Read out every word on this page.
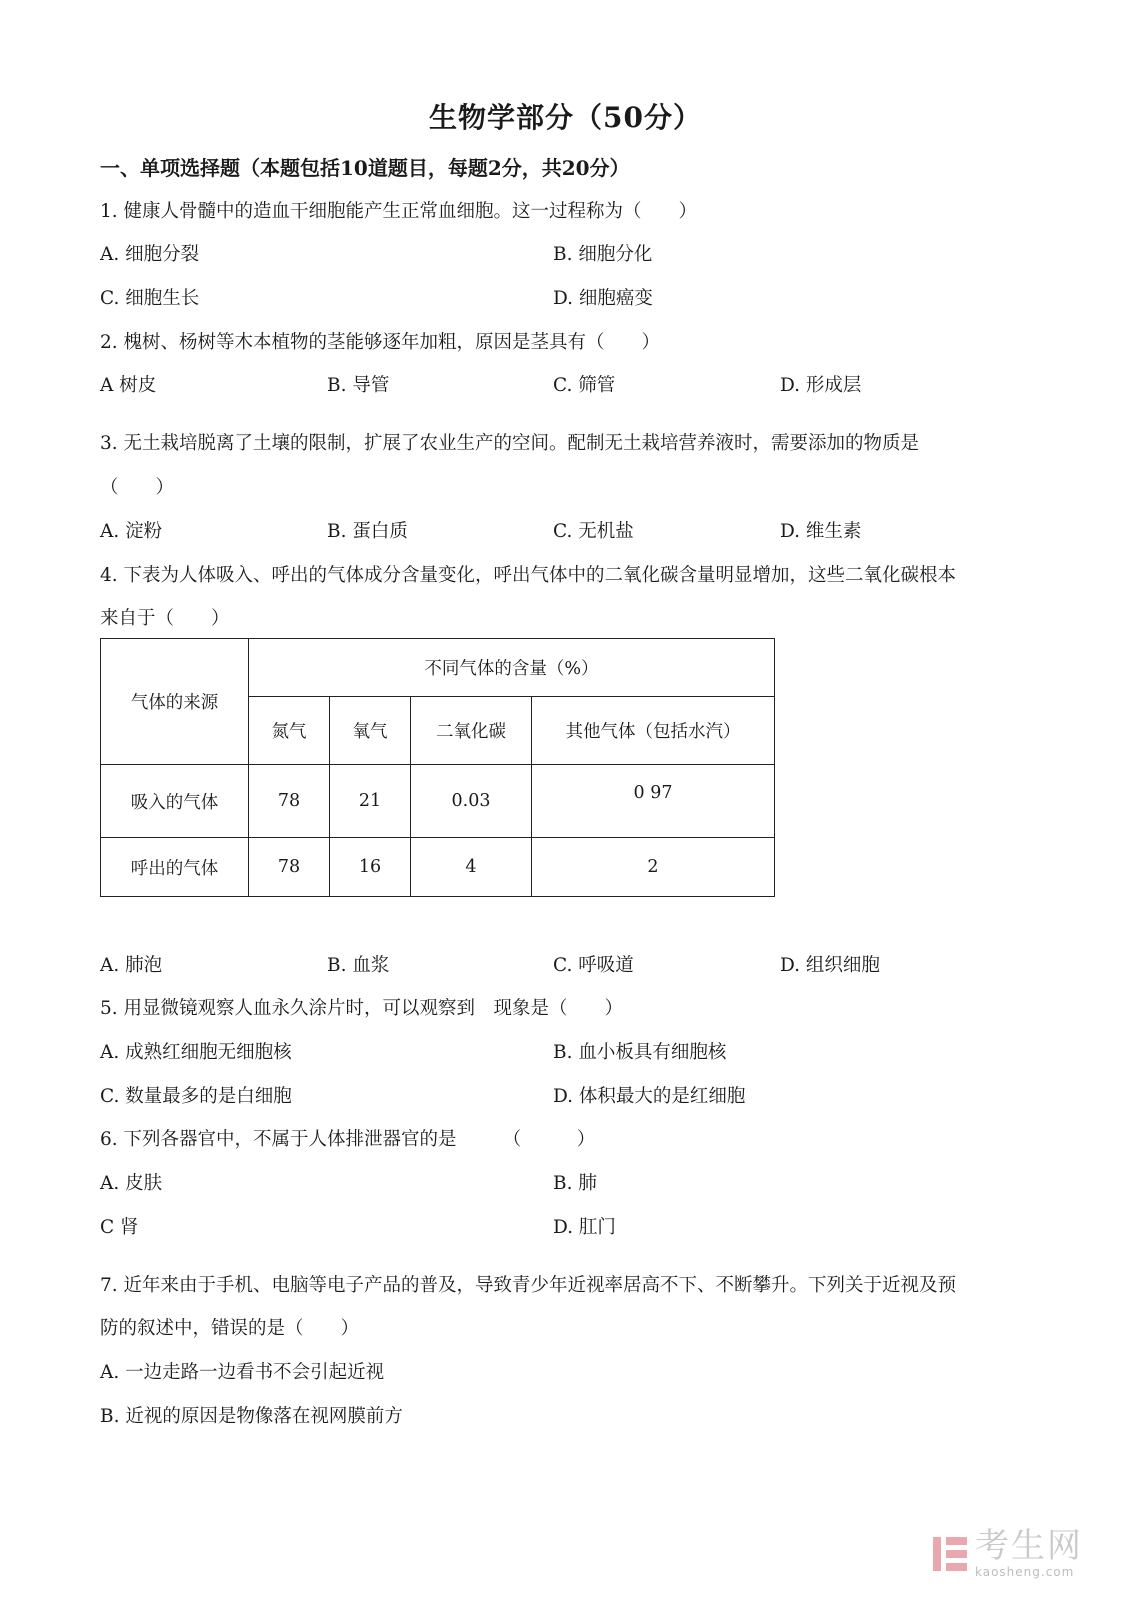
生物学部分（50分）
一、单项选择题（本题包括10道题目，每题2分，共20分）
1. 健康人骨髓中的造血干细胞能产生正常血细胞。这一过程称为（　　）
A. 细胞分裂	B. 细胞分化
C. 细胞生长	D. 细胞癌变
2. 槐树、杨树等木本植物的茎能够逐年加粗，原因是茎具有（　　）
A 树皮	B. 导管	C. 筛管	D. 形成层
3. 无土栽培脱离了土壤的限制，扩展了农业生产的空间。配制无土栽培营养液时，需要添加的物质是
（　　）
A. 淀粉	B. 蛋白质	C. 无机盐	D. 维生素
4. 下表为人体吸入、呼出的气体成分含量变化，呼出气体中的二氧化碳含量明显增加，这些二氧化碳根本
来自于（　　）
气体的来源	不同气体的含量（%）			
	氮气	氧气	二氧化碳	其他气体（包括水汽）
吸入的气体	78	21	0.03	0 97
呼出的气体	78	16	4	2
A. 肺泡	B. 血浆	C. 呼吸道	D. 组织细胞
5. 用显微镜观察人血永久涂片时，可以观察到　现象是（　　）
A. 成熟红细胞无细胞核	B. 血小板具有细胞核
C. 数量最多的是白细胞	D. 体积最大的是红细胞
6. 下列各器官中，不属于人体排泄器官的是　　　（　　　）
A. 皮肤	B. 肺
C 肾	D. 肛门
7. 近年来由于手机、电脑等电子产品的普及，导致青少年近视率居高不下、不断攀升。下列关于近视及预
防的叙述中，错误的是（　　）
A. 一边走路一边看书不会引起近视
B. 近视的原因是物像落在视网膜前方
考生网
kaosheng.com
